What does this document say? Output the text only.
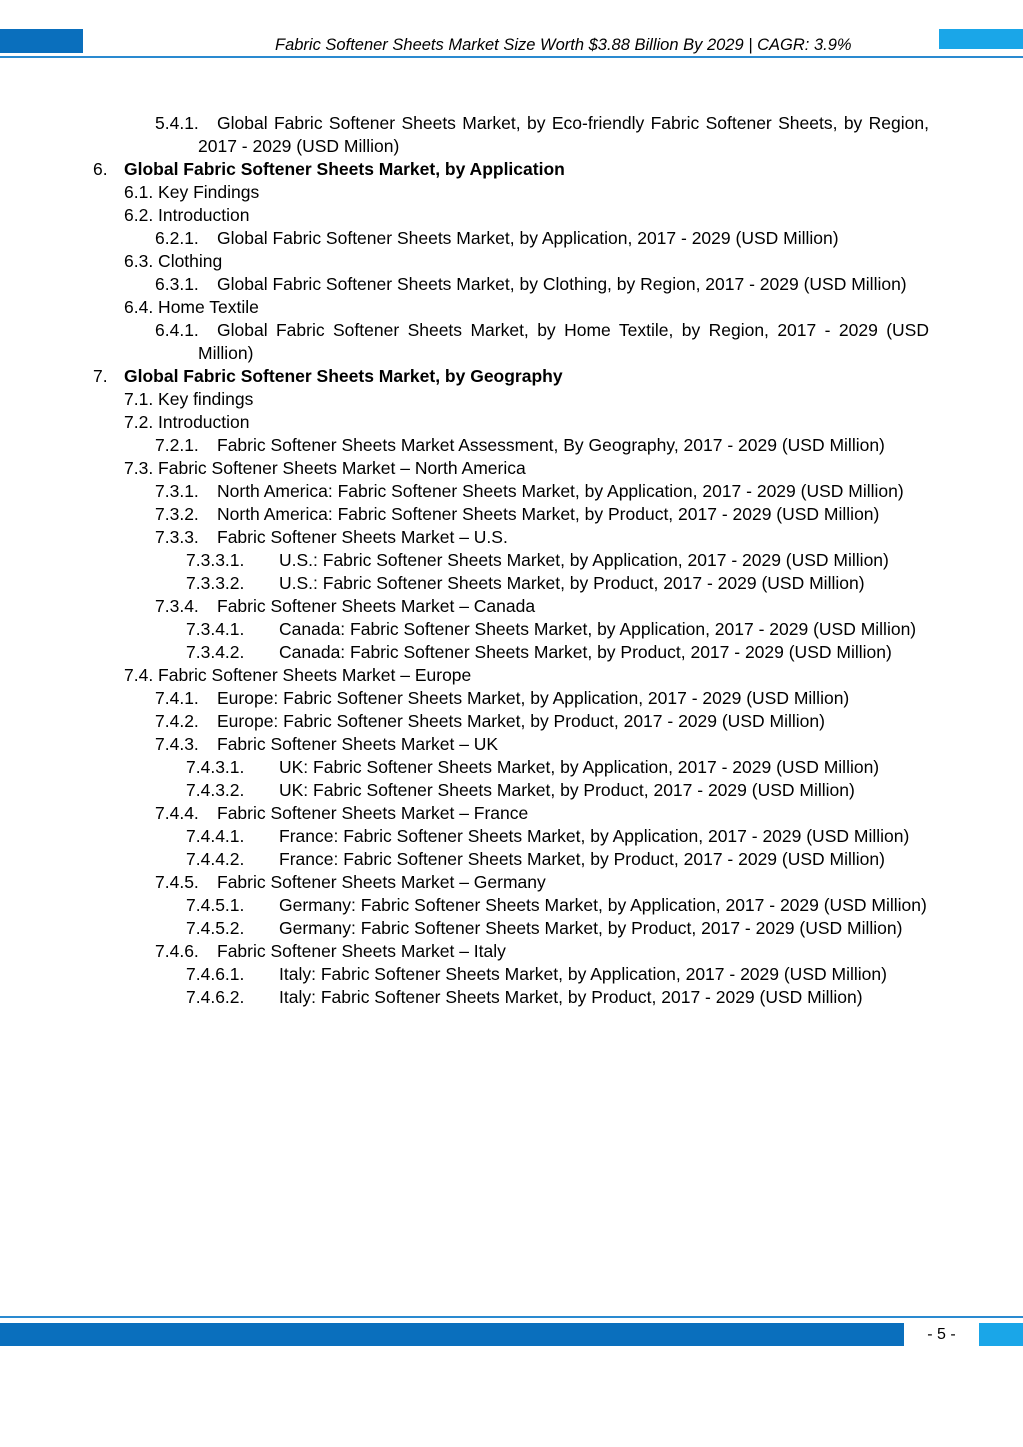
Fabric Softener Sheets Market Size Worth $3.88 Billion By 2029 | CAGR: 3.9%
5.4.1. Global Fabric Softener Sheets Market, by Eco-friendly Fabric Softener Sheets, by Region, 2017 - 2029 (USD Million)
6. Global Fabric Softener Sheets Market, by Application
6.1. Key Findings
6.2. Introduction
6.2.1. Global Fabric Softener Sheets Market, by Application, 2017 - 2029 (USD Million)
6.3. Clothing
6.3.1. Global Fabric Softener Sheets Market, by Clothing, by Region, 2017 - 2029 (USD Million)
6.4. Home Textile
6.4.1. Global Fabric Softener Sheets Market, by Home Textile, by Region, 2017 - 2029 (USD Million)
7. Global Fabric Softener Sheets Market, by Geography
7.1. Key findings
7.2. Introduction
7.2.1. Fabric Softener Sheets Market Assessment, By Geography, 2017 - 2029 (USD Million)
7.3. Fabric Softener Sheets Market – North America
7.3.1. North America: Fabric Softener Sheets Market, by Application, 2017 - 2029 (USD Million)
7.3.2. North America: Fabric Softener Sheets Market, by Product, 2017 - 2029 (USD Million)
7.3.3. Fabric Softener Sheets Market – U.S.
7.3.3.1. U.S.: Fabric Softener Sheets Market, by Application, 2017 - 2029 (USD Million)
7.3.3.2. U.S.: Fabric Softener Sheets Market, by Product, 2017 - 2029 (USD Million)
7.3.4. Fabric Softener Sheets Market – Canada
7.3.4.1. Canada: Fabric Softener Sheets Market, by Application, 2017 - 2029 (USD Million)
7.3.4.2. Canada: Fabric Softener Sheets Market, by Product, 2017 - 2029 (USD Million)
7.4. Fabric Softener Sheets Market – Europe
7.4.1. Europe: Fabric Softener Sheets Market, by Application, 2017 - 2029 (USD Million)
7.4.2. Europe: Fabric Softener Sheets Market, by Product, 2017 - 2029 (USD Million)
7.4.3. Fabric Softener Sheets Market – UK
7.4.3.1. UK: Fabric Softener Sheets Market, by Application, 2017 - 2029 (USD Million)
7.4.3.2. UK: Fabric Softener Sheets Market, by Product, 2017 - 2029 (USD Million)
7.4.4. Fabric Softener Sheets Market – France
7.4.4.1. France: Fabric Softener Sheets Market, by Application, 2017 - 2029 (USD Million)
7.4.4.2. France: Fabric Softener Sheets Market, by Product, 2017 - 2029 (USD Million)
7.4.5. Fabric Softener Sheets Market – Germany
7.4.5.1. Germany: Fabric Softener Sheets Market, by Application, 2017 - 2029 (USD Million)
7.4.5.2. Germany: Fabric Softener Sheets Market, by Product, 2017 - 2029 (USD Million)
7.4.6. Fabric Softener Sheets Market – Italy
7.4.6.1. Italy: Fabric Softener Sheets Market, by Application, 2017 - 2029 (USD Million)
7.4.6.2. Italy: Fabric Softener Sheets Market, by Product, 2017 - 2029 (USD Million)
- 5 -
